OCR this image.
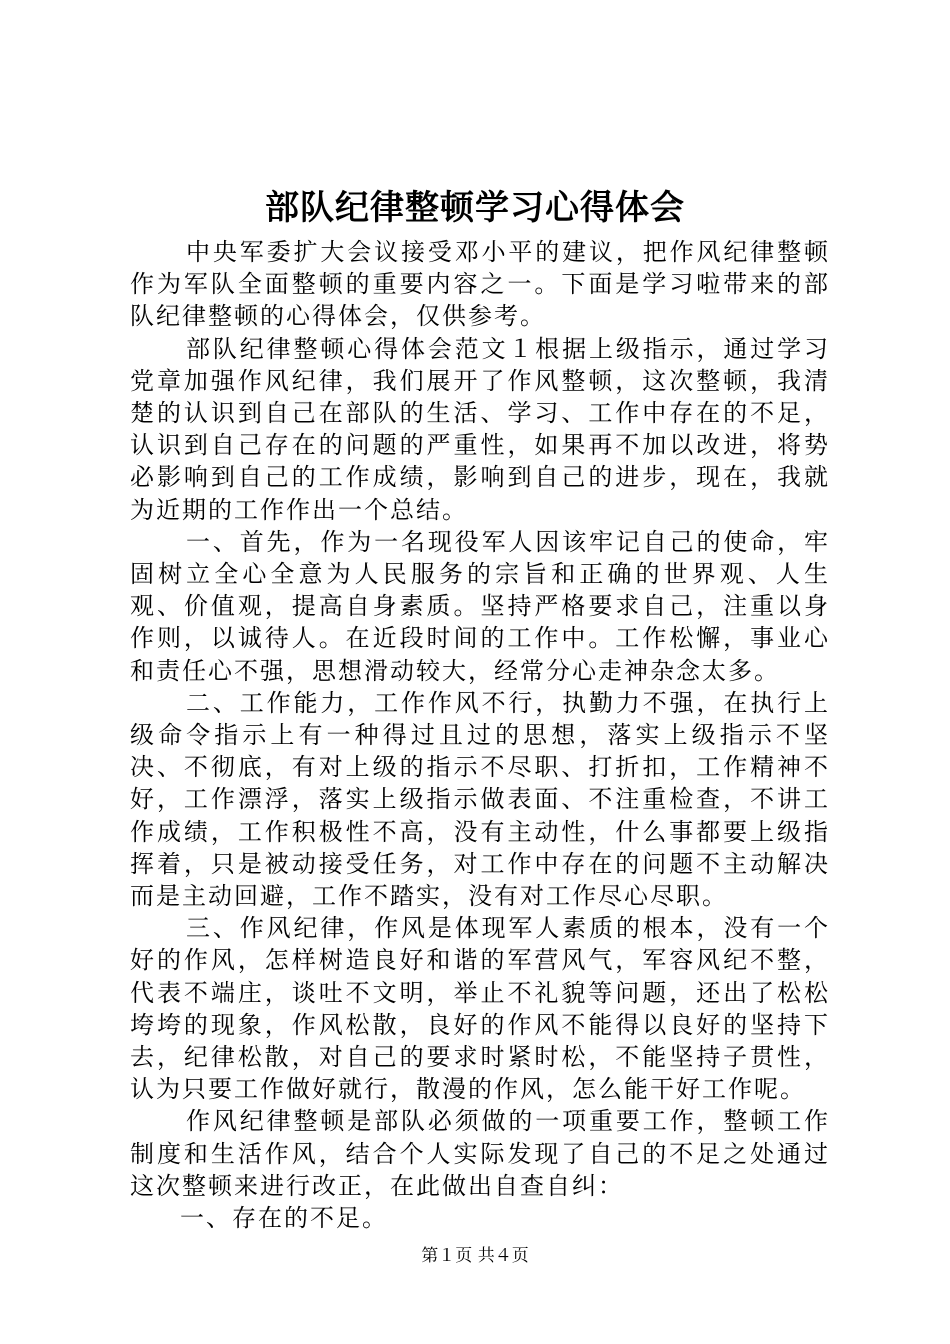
部队纪律整顿学习心得体会

中央军委扩大会议接受邓小平的建议，把作风纪律整顿作为军队全面整顿的重要内容之一。下面是学习啦带来的部队纪律整顿的心得体会，仅供参考。

部队纪律整顿心得体会范文１根据上级指示，通过学习党章加强作风纪律，我们展开了作风整顿，这次整顿，我清楚的认识到自己在部队的生活、学习、工作中存在的不足，认识到自己存在的问题的严重性，如果再不加以改进，将势必影响到自己的工作成绩，影响到自己的进步，现在，我就为近期的工作作出一个总结。

一、首先，作为一名现役军人因该牢记自己的使命，牢固树立全心全意为人民服务的宗旨和正确的世界观、人生观、价值观，提高自身素质。坚持严格要求自己，注重以身作则，以诚待人。在近段时间的工作中。工作松懈，事业心和责任心不强，思想滑动较大，经常分心走神杂念太多。

二、工作能力，工作作风不行，执勤力不强，在执行上级命令指示上有一种得过且过的思想，落实上级指示不坚决、不彻底，有对上级的指示不尽职、打折扣，工作精神不好，工作漂浮，落实上级指示做表面、不注重检查，不讲工作成绩，工作积极性不高，没有主动性，什么事都要上级指挥着，只是被动接受任务，对工作中存在的问题不主动解决而是主动回避，工作不踏实，没有对工作尽心尽职。

三、作风纪律，作风是体现军人素质的根本，没有一个好的作风，怎样树造良好和谐的军营风气，军容风纪不整，代表不端庄，谈吐不文明，举止不礼貌等问题，还出了松松垮垮的现象，作风松散，良好的作风不能得以良好的坚持下去，纪律松散，对自己的要求时紧时松，不能坚持子贯性，认为只要工作做好就行，散漫的作风，怎么能干好工作呢。

作风纪律整顿是部队必须做的一项重要工作，整顿工作制度和生活作风，结合个人实际发现了自己的不足之处通过这次整顿来进行改正，在此做出自查自纠：

一、存在的不足。

第１页 共４页
